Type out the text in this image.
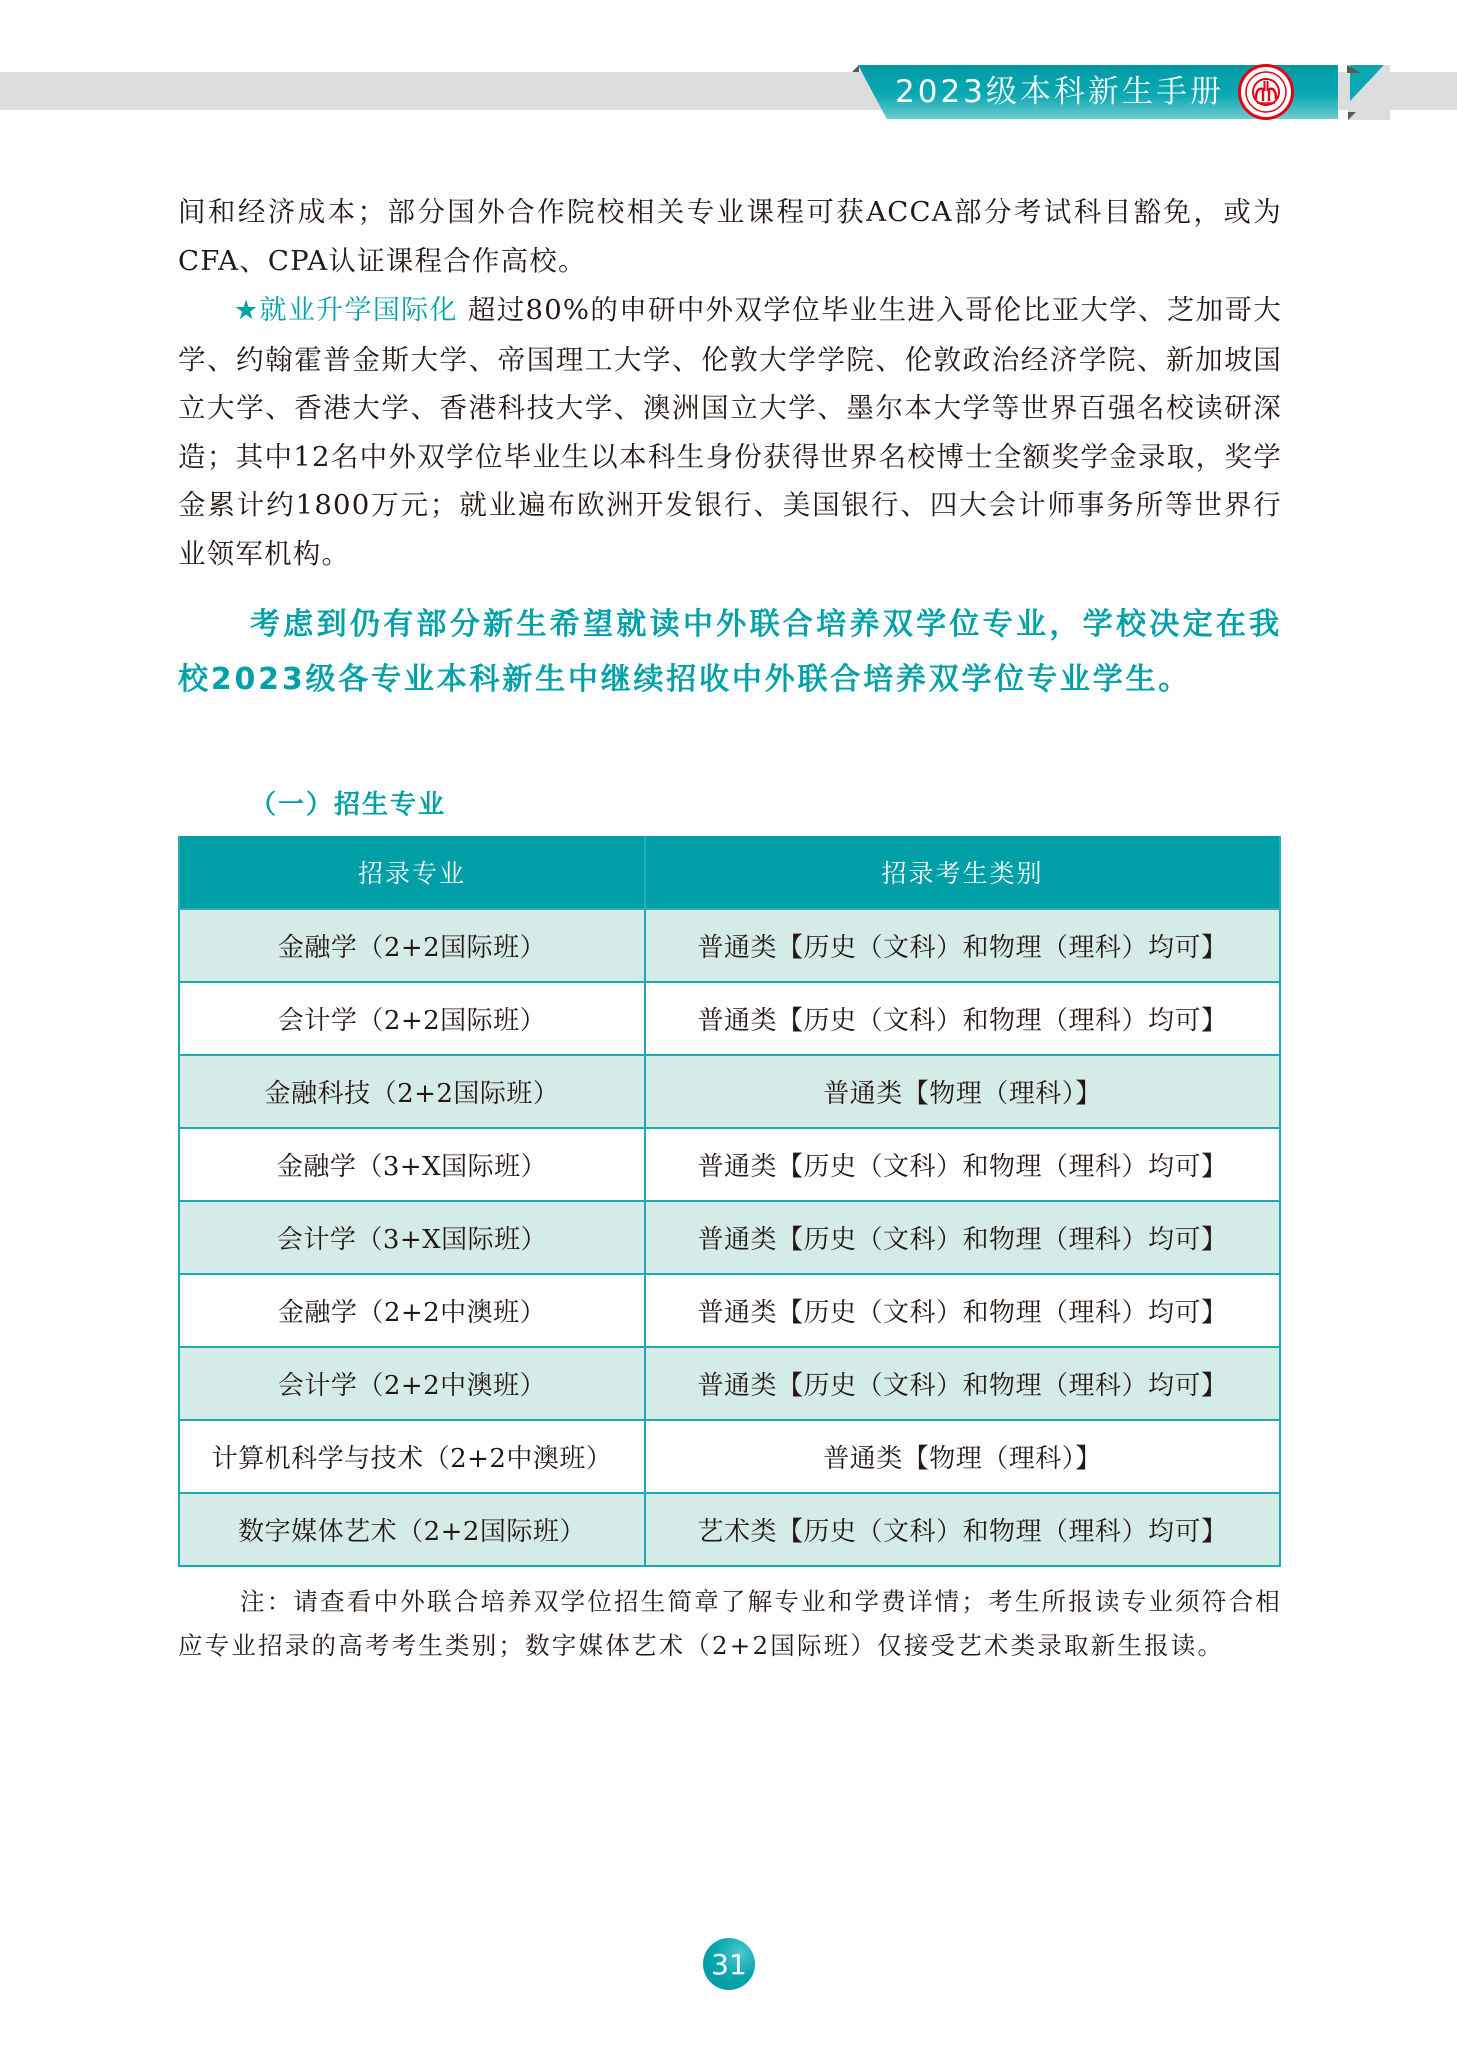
2023级本科新生手册

间和经济成本；部分国外合作院校相关专业课程可获ACCA部分考试科目豁免，或为CFA、CPA认证课程合作高校。

★就业升学国际化 超过80%的申研中外双学位毕业生进入哥伦比亚大学、芝加哥大学、约翰霍普金斯大学、帝国理工大学、伦敦大学学院、伦敦政治经济学院、新加坡国立大学、香港大学、香港科技大学、澳洲国立大学、墨尔本大学等世界百强名校读研深造；其中12名中外双学位毕业生以本科生身份获得世界名校博士全额奖学金录取，奖学金累计约1800万元；就业遍布欧洲开发银行、美国银行、四大会计师事务所等世界行业领军机构。

考虑到仍有部分新生希望就读中外联合培养双学位专业，学校决定在我校2023级各专业本科新生中继续招收中外联合培养双学位专业学生。

（一）招生专业
招录专业	招录考生类别
金融学（2+2国际班）	普通类【历史（文科）和物理（理科）均可】
会计学（2+2国际班）	普通类【历史（文科）和物理（理科）均可】
金融科技（2+2国际班）	普通类【物理（理科）】
金融学（3+X国际班）	普通类【历史（文科）和物理（理科）均可】
会计学（3+X国际班）	普通类【历史（文科）和物理（理科）均可】
金融学（2+2中澳班）	普通类【历史（文科）和物理（理科）均可】
会计学（2+2中澳班）	普通类【历史（文科）和物理（理科）均可】
计算机科学与技术（2+2中澳班）	普通类【物理（理科）】
数字媒体艺术（2+2国际班）	艺术类【历史（文科）和物理（理科）均可】

注：请查看中外联合培养双学位招生简章了解专业和学费详情；考生所报读专业须符合相应专业招录的高考考生类别；数字媒体艺术（2+2国际班）仅接受艺术类录取新生报读。

31
